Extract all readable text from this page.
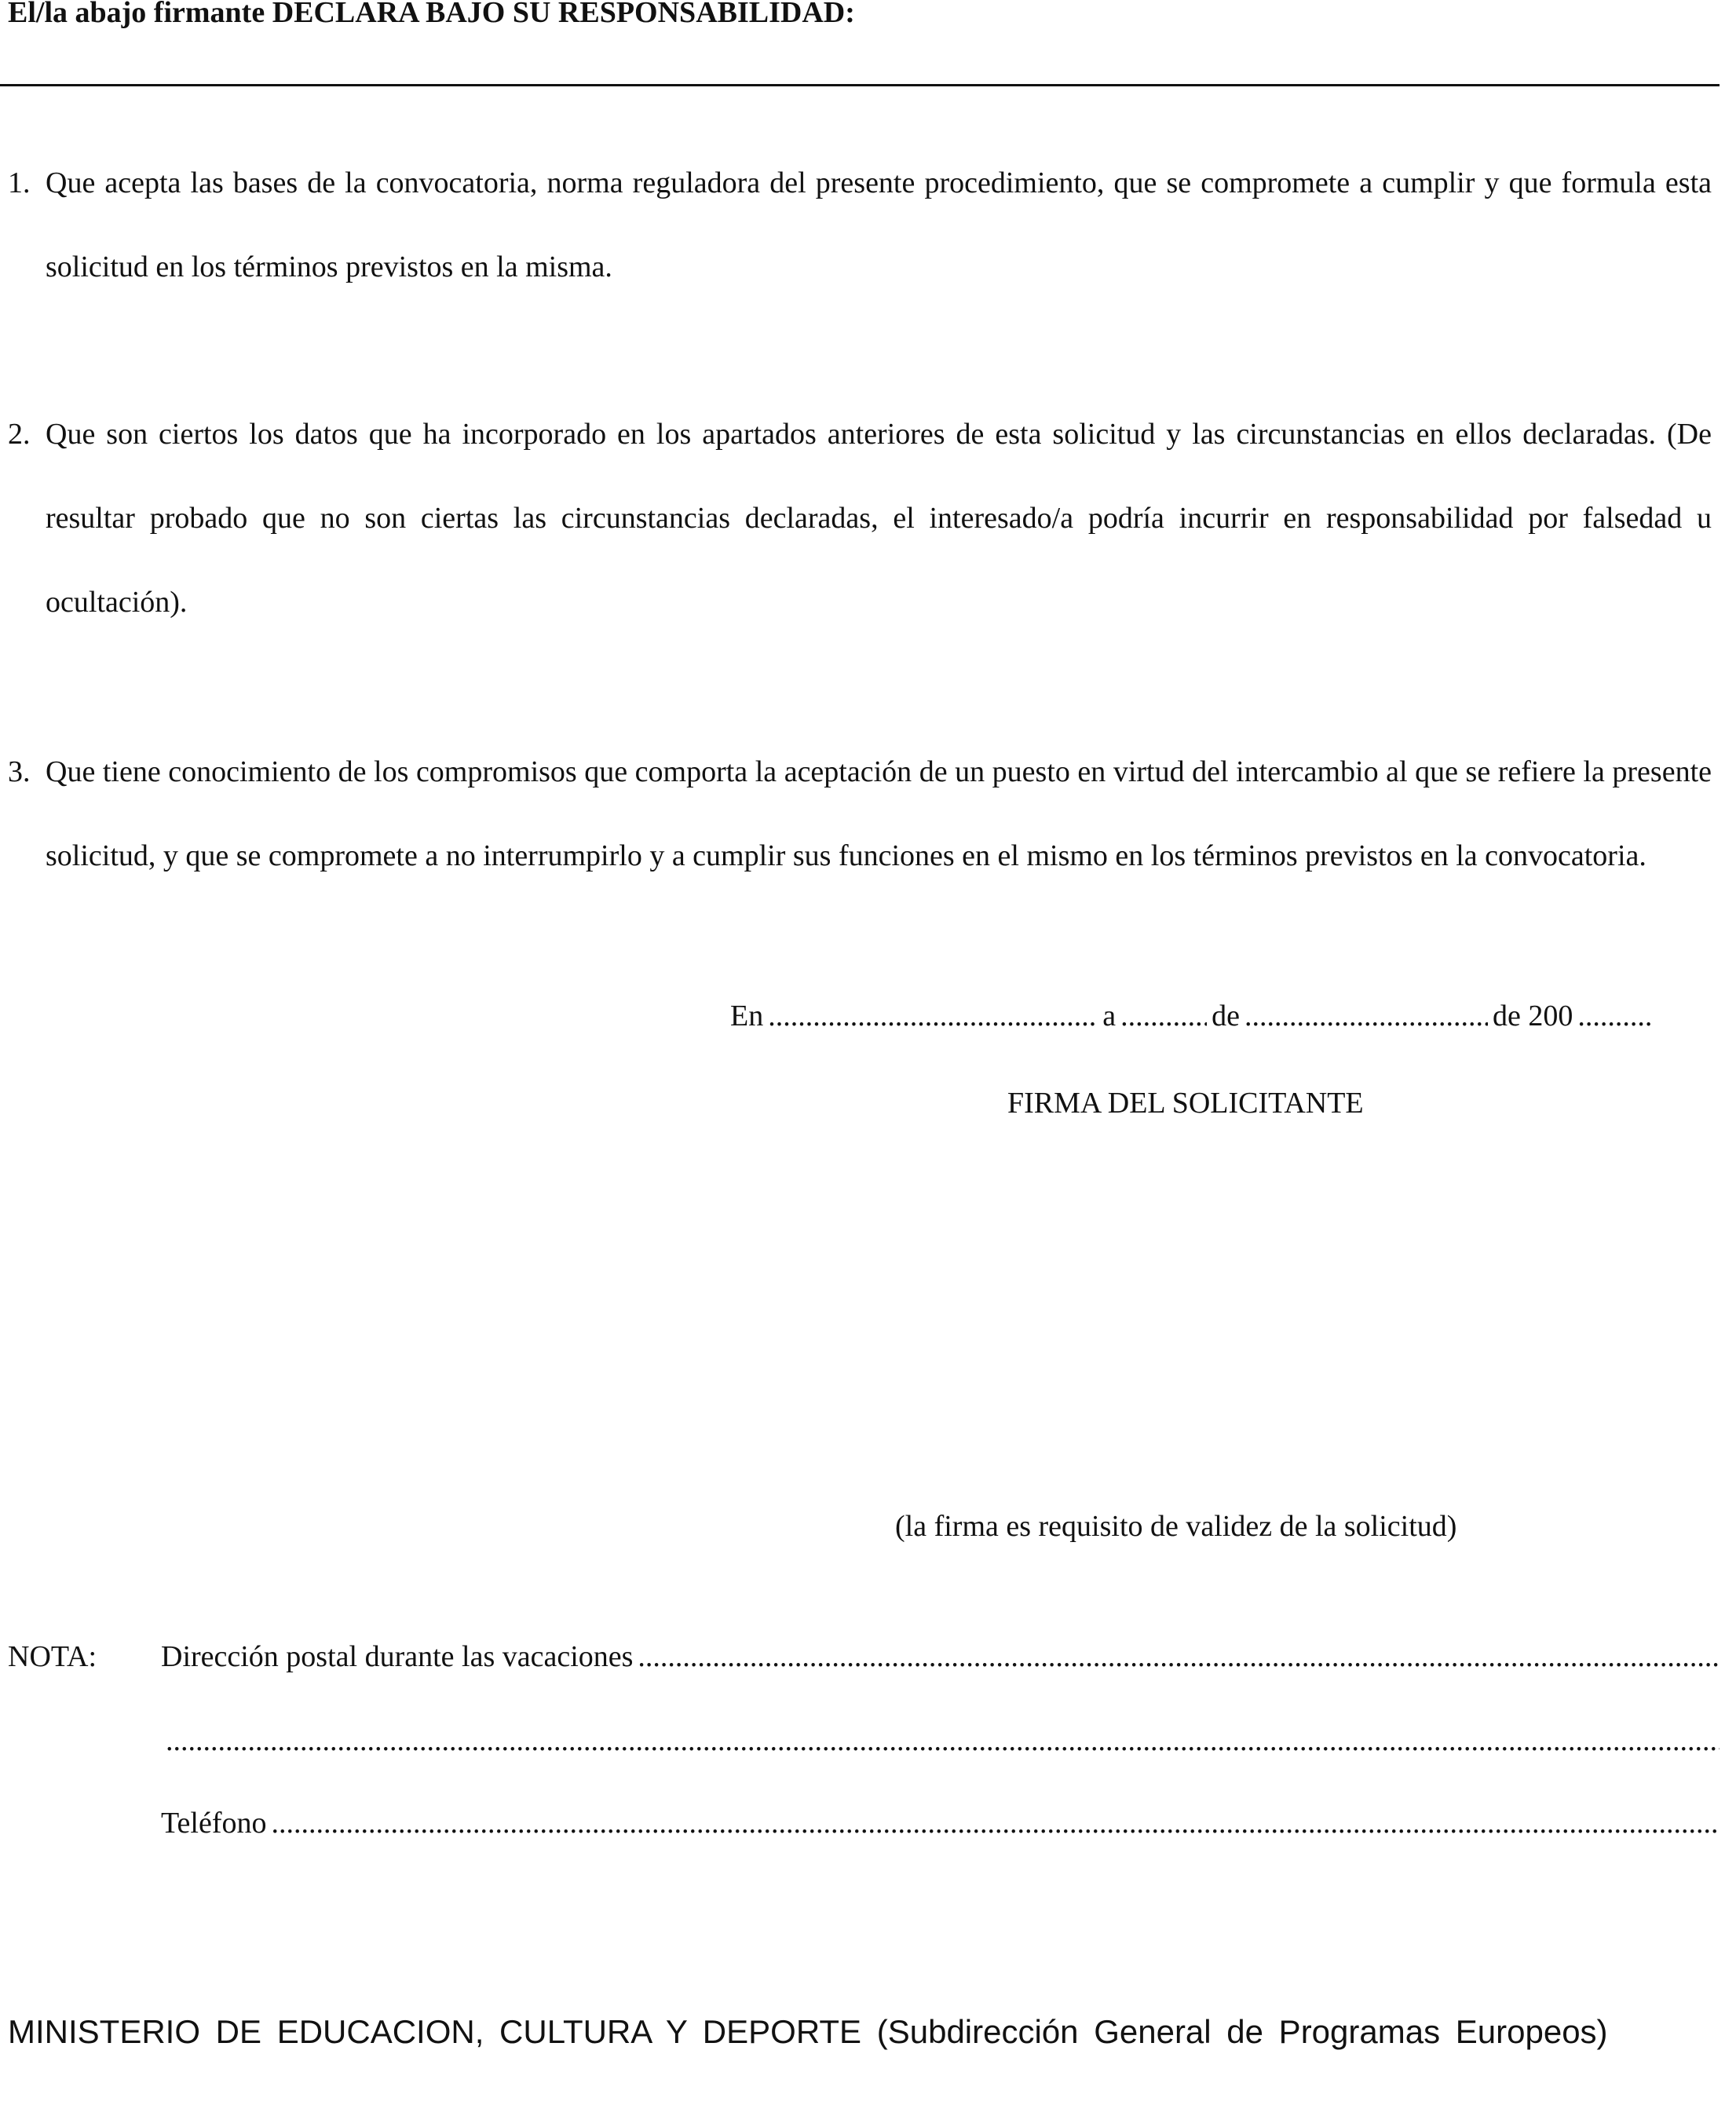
El/la abajo firmante DECLARA BAJO SU RESPONSABILIDAD:
1. Que acepta las bases de la convocatoria, norma reguladora del presente procedimiento, que se compromete a cumplir y que formula esta solicitud en los términos previstos en la misma.
2. Que son ciertos los datos que ha incorporado en los apartados anteriores de esta solicitud y las circunstancias en ellos declaradas. (De resultar probado que no son ciertas las circunstancias declaradas, el interesado/a podría incurrir en responsabilidad por falsedad u ocultación).
3. Que tiene conocimiento de los compromisos que comporta la aceptación de un puesto en virtud del intercambio al que se refiere la presente solicitud, y que se compromete a no interrumpirlo y a cumplir sus funciones en el mismo en los términos previstos en la convocatoria.
En .....	a .....	de .....	de 200
.....
FIRMA DEL SOLICITANTE
(la firma es requisito de validez de la solicitud)
NOTA: Dirección postal durante las vacaciones
.....
.....
Teléfono
.....
MINISTERIO DE EDUCACION, CULTURA Y DEPORTE (Subdirección General de Programas Europeos)
